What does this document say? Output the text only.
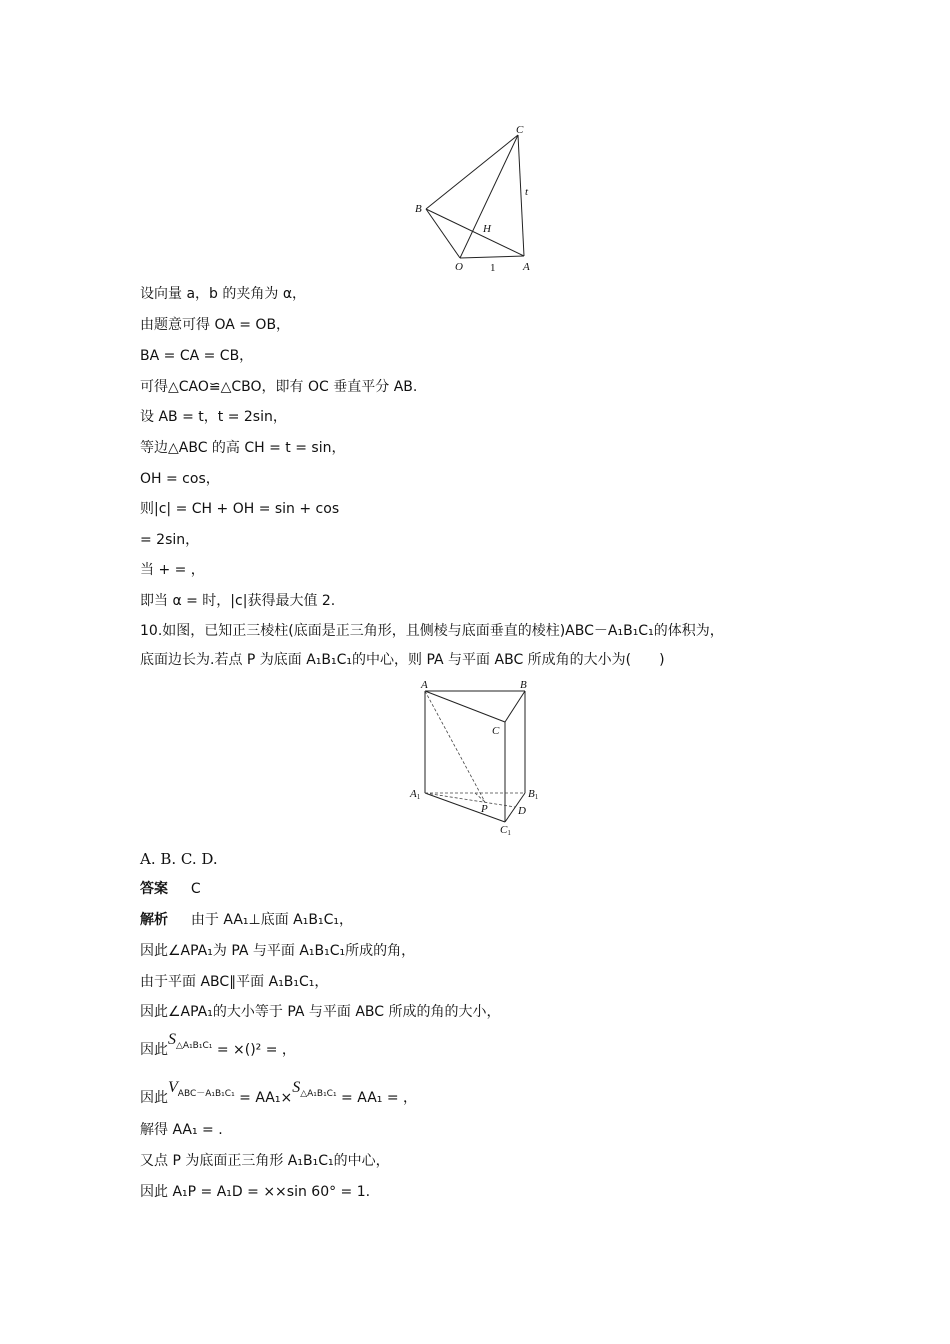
C
B
H
O	A
t
1
设向量 a，b 的夹角为 α，
由题意可得 OA = OB，
BA = CA = CB，
可得△CAO≌△CBO，即有 OC 垂直平分 AB.
设 AB = t，t = 2sin，
等边△ABC 的高 CH = t = sin，
OH = cos，
则|c| = CH + OH = sin + cos
= 2sin，
当 + = ，
即当 α = 时，|c|获得最大值 2.
10.如图，已知正三棱柱(底面是正三角形，且侧棱与底面垂直的棱柱)ABC－A₁B₁C₁的体积为，
底面边长为.若点 P 为底面 A₁B₁C₁的中心，则 PA 与平面 ABC 所成角的大小为(　　)
A	B
C
A1	B1
P	D
C1
A. B. C. D.
答案 C
解析 由于 AA₁⊥底面 A₁B₁C₁，
因此∠APA₁为 PA 与平面 A₁B₁C₁所成的角，
由于平面 ABC∥平面 A₁B₁C₁，
因此∠APA₁的大小等于 PA 与平面 ABC 所成的角的大小，
因此$S^{\triangle A_1B_1C_1} = \times()^2$ = ，
因此$V^{ABC-A_1B_1C_1} = AA_1\times S^{\triangle A_1B_1C_1} = AA_1$ = ，
解得 AA₁ = .
又点 P 为底面正三角形 A₁B₁C₁的中心，
因此 A₁P = A₁D = ××sin 60° = 1.
